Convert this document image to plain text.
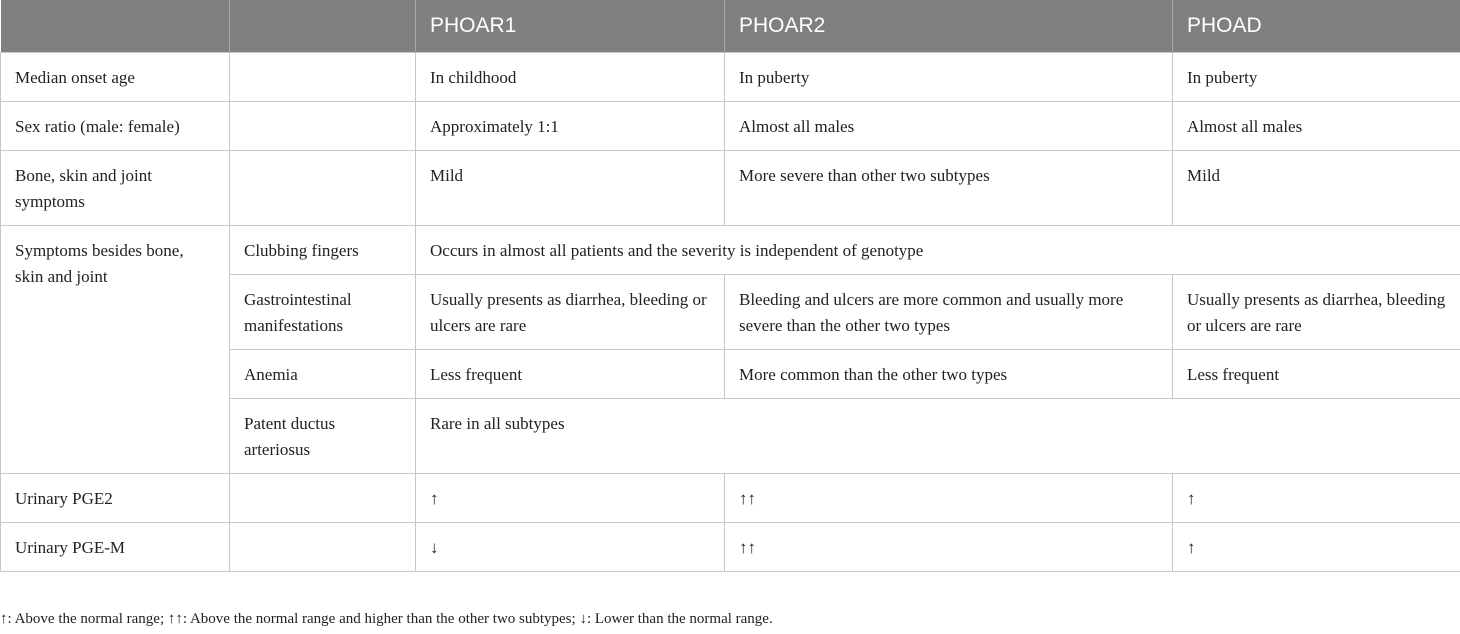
		PHOAR1	PHOAR2	PHOAD
Median onset age		In childhood	In puberty	In puberty
Sex ratio (male: female)		Approximately 1:1	Almost all males	Almost all males
Bone, skin and joint symptoms		Mild	More severe than other two subtypes	Mild
Symptoms besides bone, skin and joint	Clubbing fingers	Occurs in almost all patients and the severity is independent of genotype		
	Gastrointestinal manifestations	Usually presents as diarrhea, bleeding or ulcers are rare	Bleeding and ulcers are more common and usually more severe than the other two types	Usually presents as diarrhea, bleeding or ulcers are rare
	Anemia	Less frequent	More common than the other two types	Less frequent
	Patent ductus arteriosus	Rare in all subtypes		
Urinary PGE2		↑	↑↑	↑
Urinary PGE-M		↓	↑↑	↑
↑: Above the normal range; ↑↑: Above the normal range and higher than the other two subtypes; ↓: Lower than the normal range.
